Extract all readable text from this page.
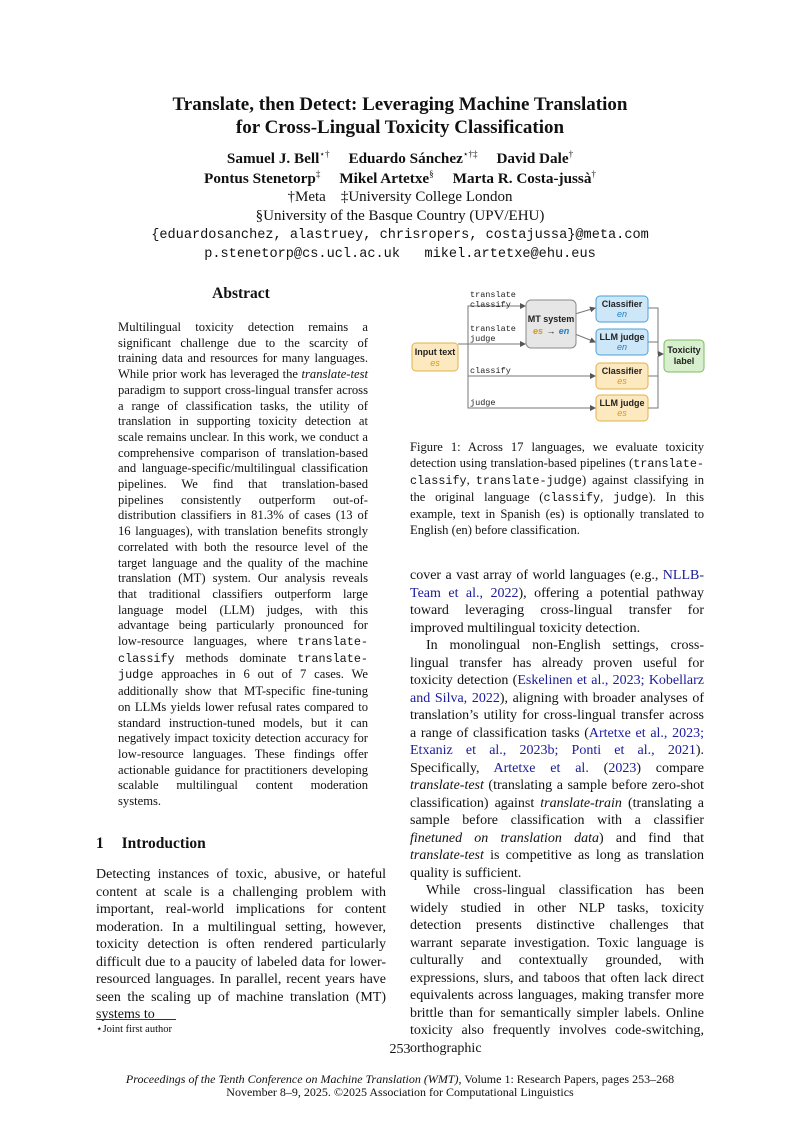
Translate, then Detect: Leveraging Machine Translation
for Cross-Lingual Toxicity Classification
Samuel J. Bell⋆† Eduardo Sánchez⋆†‡ David Dale†
Pontus Stenetorp‡ Mikel Artetxe§ Marta R. Costa-jussà†
†Meta    ‡University College London
§University of the Basque Country (UPV/EHU)
{eduardosanchez, alastruey, chrisropers, costajussa}@meta.com
p.stenetorp@cs.ucl.ac.uk   mikel.artetxe@ehu.eus
Abstract
Multilingual toxicity detection remains a significant challenge due to the scarcity of training data and resources for many languages. While prior work has leveraged the translate-test paradigm to support cross-lingual transfer across a range of classification tasks, the utility of translation in supporting toxicity detection at scale remains unclear. In this work, we conduct a comprehensive comparison of translation-based and language-specific/multilingual classification pipelines. We find that translation-based pipelines consistently outperform out-of-distribution classifiers in 81.3% of cases (13 of 16 languages), with translation benefits strongly correlated with both the resource level of the target language and the quality of the machine translation (MT) system. Our analysis reveals that traditional classifiers outperform large language model (LLM) judges, with this advantage being particularly pronounced for low-resource languages, where translate-classify methods dominate translate-judge approaches in 6 out of 7 cases. We additionally show that MT-specific fine-tuning on LLMs yields lower refusal rates compared to standard instruction-tuned models, but it can negatively impact toxicity detection accuracy for low-resource languages. These findings offer actionable guidance for practitioners developing scalable multilingual content moderation systems.
1 Introduction
Detecting instances of toxic, abusive, or hateful content at scale is a challenging problem with important, real-world implications for content moderation. In a multilingual setting, however, toxicity detection is often rendered particularly difficult due to a paucity of labeled data for lower-resourced languages. In parallel, recent years have seen the scaling up of machine translation (MT) systems to
⋆Joint first author
translate
classify
translate
judge
classify
judge
Input text
es
MT system
es → en
Classifier
en
LLM judge
en
Classifier
es
LLM judge
es
Toxicity
label
Figure 1: Across 17 languages, we evaluate toxicity detection using translation-based pipelines (translate-classify, translate-judge) against classifying in the original language (classify, judge). In this example, text in Spanish (es) is optionally translated to English (en) before classification.

cover a vast array of world languages (e.g., NLLB-Team et al., 2022), offering a potential pathway toward leveraging cross-lingual transfer for improved multilingual toxicity detection.

In monolingual non-English settings, cross-lingual transfer has already proven useful for toxicity detection (Eskelinen et al., 2023; Kobellarz and Silva, 2022), aligning with broader analyses of translation’s utility for cross-lingual transfer across a range of classification tasks (Artetxe et al., 2023; Etxaniz et al., 2023b; Ponti et al., 2021). Specifically, Artetxe et al. (2023) compare translate-test (translating a sample before zero-shot classification) against translate-train (translating a sample before classification with a classifier finetuned on translation data) and find that translate-test is competitive as long as translation quality is sufficient.

While cross-lingual classification has been widely studied in other NLP tasks, toxicity detection presents distinctive challenges that warrant separate investigation. Toxic language is culturally and contextually grounded, with expressions, slurs, and taboos that often lack direct equivalents across languages, making transfer more brittle than for semantically simpler labels. Online toxicity also frequently involves code-switching, orthographic

253
Proceedings of the Tenth Conference on Machine Translation (WMT), Volume 1: Research Papers, pages 253–268
November 8–9, 2025. ©2025 Association for Computational Linguistics
